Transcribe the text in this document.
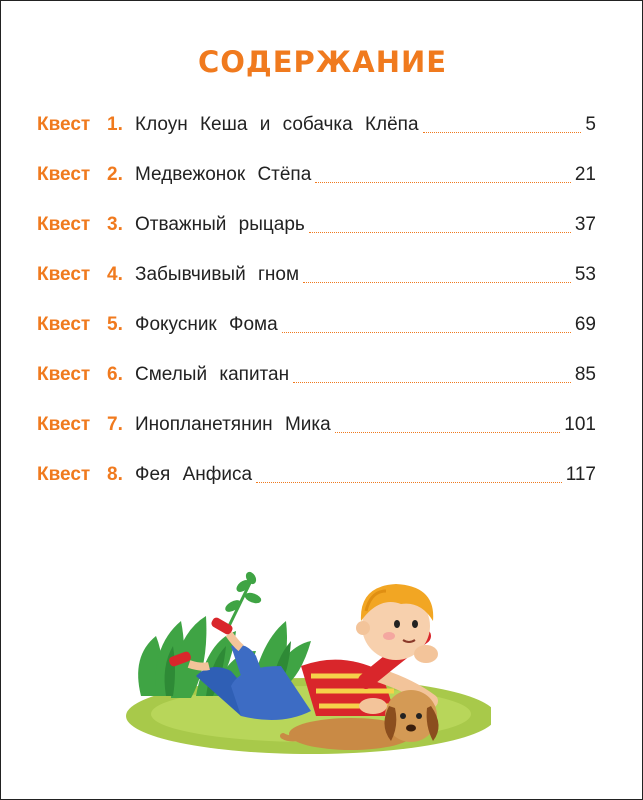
СОДЕРЖАНИЕ
Квест 1. Клоун Кеша и собачка Клёпа	5
Квест 2. Медвежонок Стёпа	21
Квест 3. Отважный рыцарь	37
Квест 4. Забывчивый гном	53
Квест 5. Фокусник Фома	69
Квест 6. Смелый капитан	85
Квест 7. Инопланетянин Мика	101
Квест 8. Фея Анфиса	117
